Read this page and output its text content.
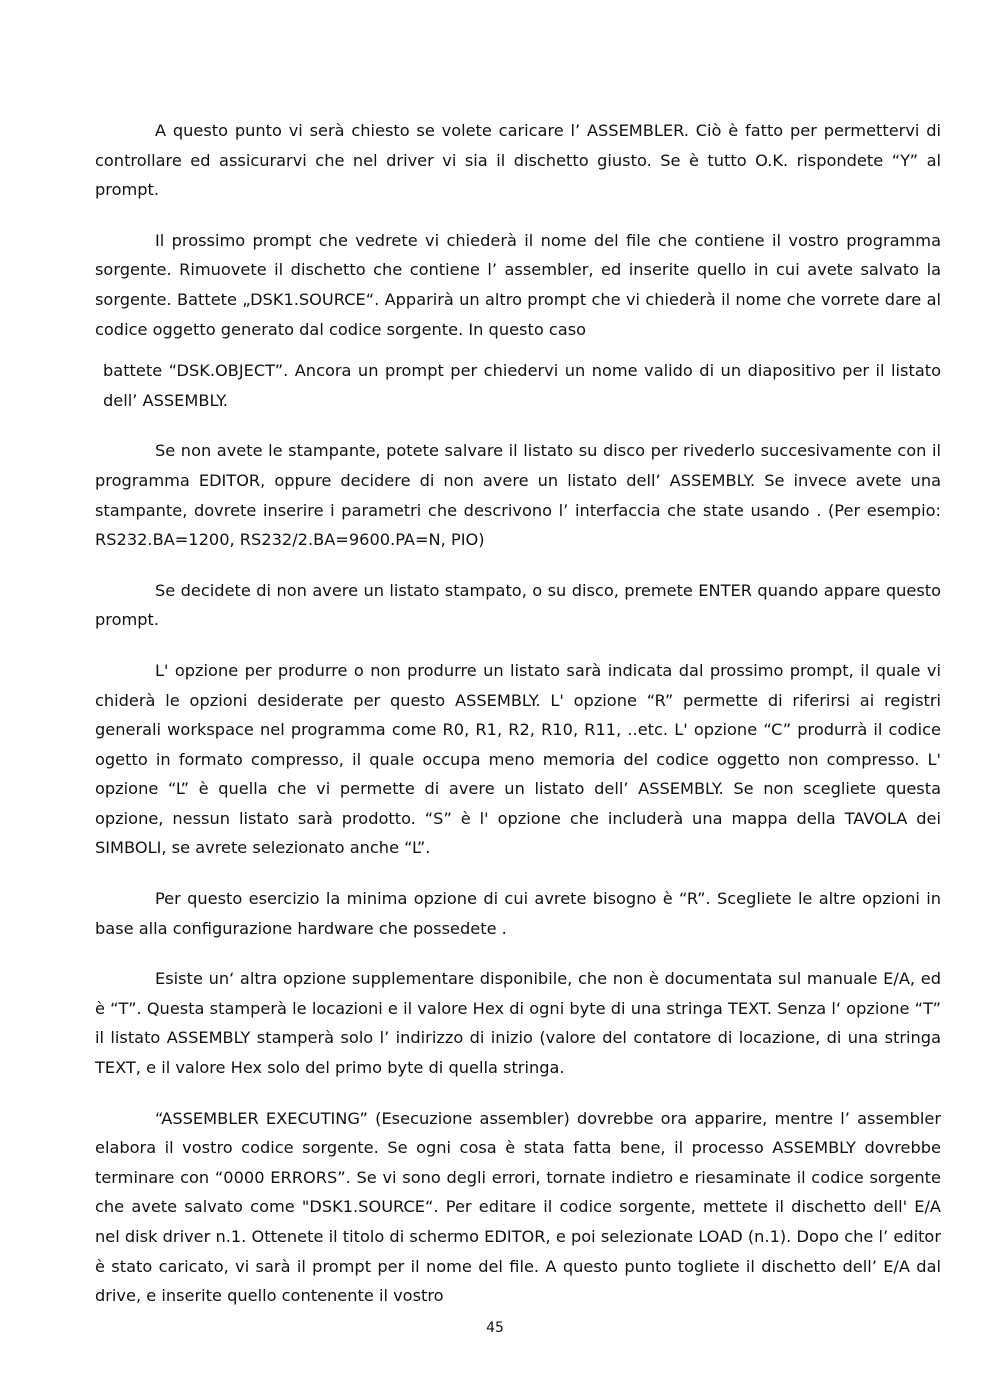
A questo punto vi serà chiesto se volete caricare l’ ASSEMBLER. Ciò è fatto per permettervi di controllare ed assicurarvi che nel driver vi sia il dischetto giusto. Se è tutto O.K. rispondete “Y” al prompt.

Il prossimo prompt che vedrete vi chiederà il nome del file che contiene il vostro programma sorgente. Rimuovete il dischetto che contiene l’ assembler, ed inserite quello in cui avete salvato la sorgente. Battete „DSK1.SOURCE“. Apparirà un altro prompt che vi chiederà il nome che vorrete dare al codice oggetto generato dal codice sorgente. In questo caso

battete “DSK.OBJECT”. Ancora un prompt per chiedervi un nome valido di un diapositivo per il listato dell’ ASSEMBLY.

Se non avete le stampante, potete salvare il listato su disco per rivederlo succesivamente con il programma EDITOR, oppure decidere di non avere un listato dell’ ASSEMBLY. Se invece avete una stampante, dovrete inserire i parametri che descrivono l’ interfaccia che state usando . (Per esempio: RS232.BA=1200, RS232/2.BA=9600.PA=N, PIO)

Se decidete di non avere un listato stampato, o su disco, premete ENTER quando appare questo prompt.

L' opzione per produrre o non produrre un listato sarà indicata dal prossimo prompt, il quale vi chiderà le opzioni desiderate per questo ASSEMBLY. L' opzione “R” permette di riferirsi ai registri generali workspace nel programma come R0, R1, R2, R10, R11, ..etc. L' opzione “C” produrrà il codice ogetto in formato compresso, il quale occupa meno memoria del codice oggetto non compresso. L' opzione “L” è quella che vi permette di avere un listato dell’ ASSEMBLY. Se non scegliete questa opzione, nessun listato sarà prodotto. “S” è l' opzione che includerà una mappa della TAVOLA dei SIMBOLI, se avrete selezionato anche “L”.

Per questo esercizio la minima opzione di cui avrete bisogno è “R”. Scegliete le altre opzioni in base alla configurazione hardware che possedete .

Esiste un‘ altra opzione supplementare disponibile, che non è documentata sul manuale E/A, ed è “T”. Questa stamperà le locazioni e il valore Hex di ogni byte di una stringa TEXT. Senza l‘ opzione “T” il listato ASSEMBLY stamperà solo l’ indirizzo di inizio (valore del contatore di locazione, di una stringa TEXT, e il valore Hex solo del primo byte di quella stringa.

“ASSEMBLER EXECUTING” (Esecuzione assembler) dovrebbe ora apparire, mentre l’ assembler elabora il vostro codice sorgente. Se ogni cosa è stata fatta bene, il processo ASSEMBLY dovrebbe terminare con “0000 ERRORS”. Se vi sono degli errori, tornate indietro e riesaminate il codice sorgente che avete salvato come "DSK1.SOURCE“. Per editare il codice sorgente, mettete il dischetto dell' E/A nel disk driver n.1. Ottenete il titolo di schermo EDITOR, e poi selezionate LOAD (n.1). Dopo che l’ editor è stato caricato, vi sarà il prompt per il nome del file. A questo punto togliete il dischetto dell’ E/A dal drive, e inserite quello contenente il vostro

45
